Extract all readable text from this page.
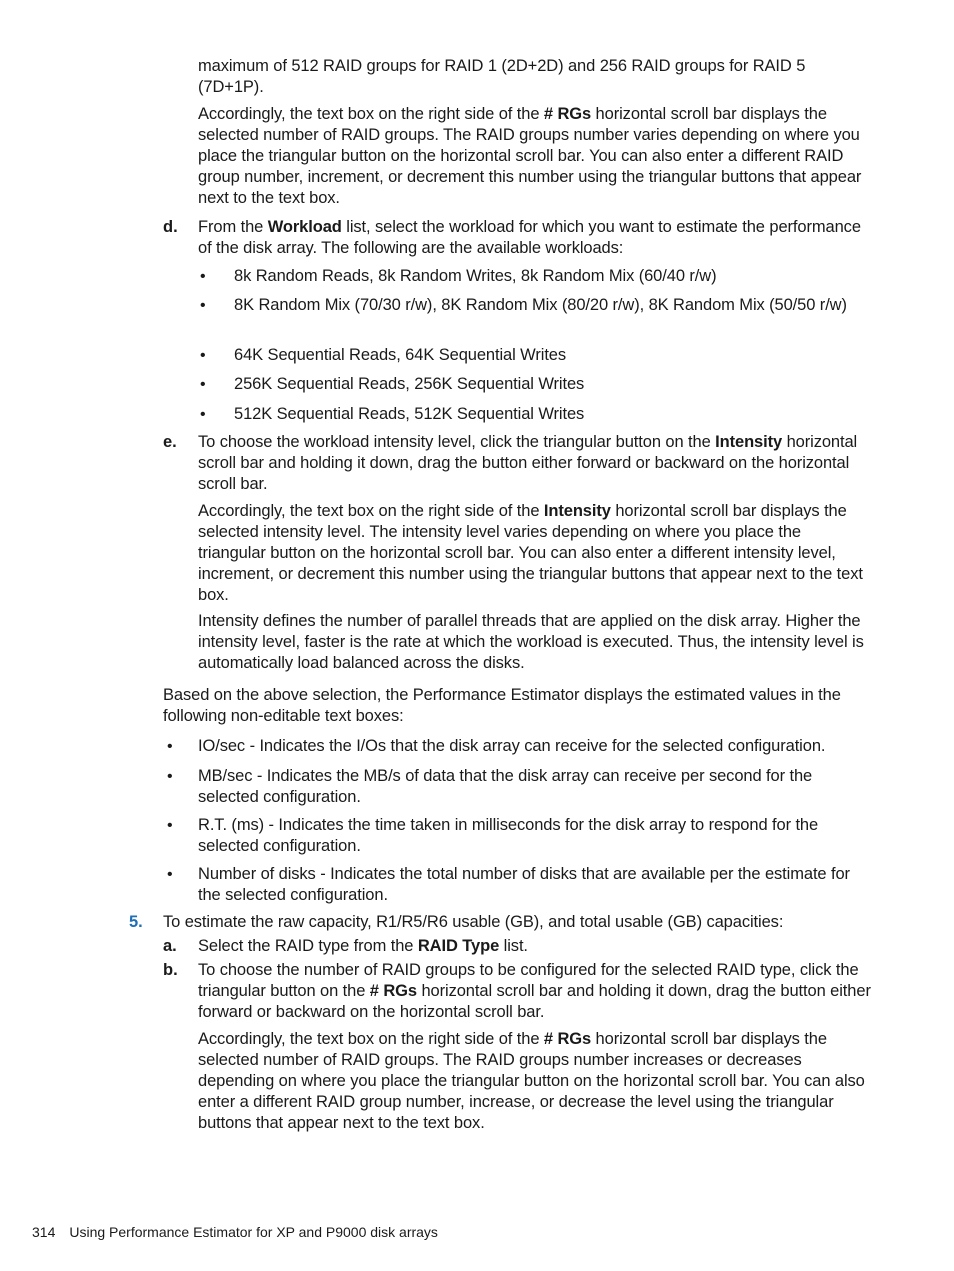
maximum of 512 RAID groups for RAID 1 (2D+2D) and 256 RAID groups for RAID 5 (7D+1P).

Accordingly, the text box on the right side of the # RGs horizontal scroll bar displays the selected number of RAID groups. The RAID groups number varies depending on where you place the triangular button on the horizontal scroll bar. You can also enter a different RAID group number, increment, or decrement this number using the triangular buttons that appear next to the text box.

d. From the Workload list, select the workload for which you want to estimate the performance of the disk array. The following are the available workloads:

• 8k Random Reads, 8k Random Writes, 8k Random Mix (60/40 r/w)

• 8K Random Mix (70/30 r/w), 8K Random Mix (80/20 r/w), 8K Random Mix (50/50 r/w)

• 64K Sequential Reads, 64K Sequential Writes

• 256K Sequential Reads, 256K Sequential Writes

• 512K Sequential Reads, 512K Sequential Writes

e. To choose the workload intensity level, click the triangular button on the Intensity horizontal scroll bar and holding it down, drag the button either forward or backward on the horizontal scroll bar.

Accordingly, the text box on the right side of the Intensity horizontal scroll bar displays the selected intensity level. The intensity level varies depending on where you place the triangular button on the horizontal scroll bar. You can also enter a different intensity level, increment, or decrement this number using the triangular buttons that appear next to the text box.

Intensity defines the number of parallel threads that are applied on the disk array. Higher the intensity level, faster is the rate at which the workload is executed. Thus, the intensity level is automatically load balanced across the disks.

Based on the above selection, the Performance Estimator displays the estimated values in the following non-editable text boxes:

• IO/sec - Indicates the I/Os that the disk array can receive for the selected configuration.

• MB/sec - Indicates the MB/s of data that the disk array can receive per second for the selected configuration.

• R.T. (ms) - Indicates the time taken in milliseconds for the disk array to respond for the selected configuration.

• Number of disks - Indicates the total number of disks that are available per the estimate for the selected configuration.

5. To estimate the raw capacity, R1/R5/R6 usable (GB), and total usable (GB) capacities:

a. Select the RAID type from the RAID Type list.

b. To choose the number of RAID groups to be configured for the selected RAID type, click the triangular button on the # RGs horizontal scroll bar and holding it down, drag the button either forward or backward on the horizontal scroll bar.

Accordingly, the text box on the right side of the # RGs horizontal scroll bar displays the selected number of RAID groups. The RAID groups number increases or decreases depending on where you place the triangular button on the horizontal scroll bar. You can also enter a different RAID group number, increase, or decrease the level using the triangular buttons that appear next to the text box.

314 Using Performance Estimator for XP and P9000 disk arrays
